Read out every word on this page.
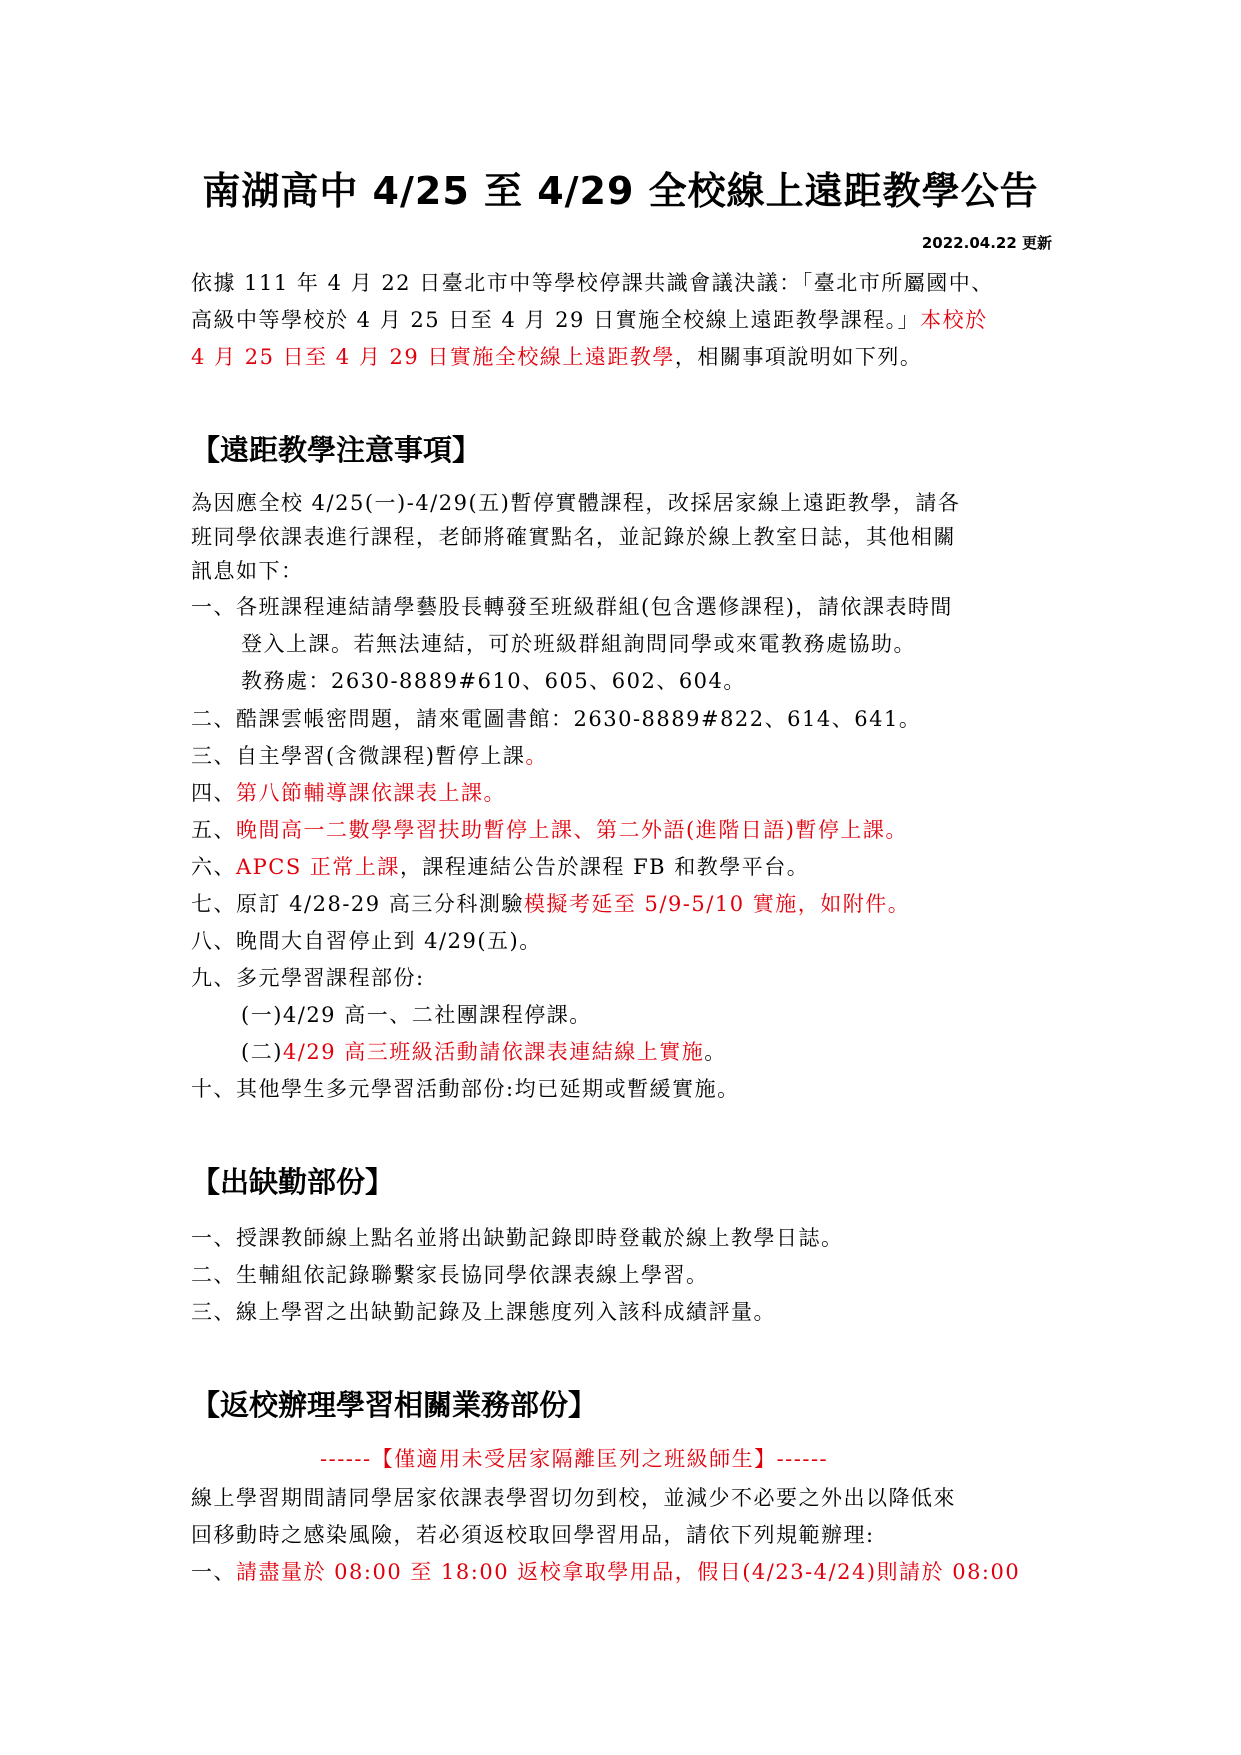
南湖高中 4/25 至 4/29 全校線上遠距教學公告
2022.04.22 更新
依據 111 年 4 月 22 日臺北市中等學校停課共識會議決議：「臺北市所屬國中、
高級中等學校於 4 月 25 日至 4 月 29 日實施全校線上遠距教學課程。」本校於
4 月 25 日至 4 月 29 日實施全校線上遠距教學，相關事項說明如下列。
【遠距教學注意事項】
為因應全校 4/25(一)-4/29(五)暫停實體課程，改採居家線上遠距教學，請各
班同學依課表進行課程，老師將確實點名，並記錄於線上教室日誌，其他相關
訊息如下：
一、各班課程連結請學藝股長轉發至班級群組(包含選修課程)，請依課表時間
登入上課。若無法連結，可於班級群組詢問同學或來電教務處協助。
教務處：2630-8889#610、605、602、604。
二、酷課雲帳密問題，請來電圖書館：2630-8889#822、614、641。
三、自主學習(含微課程)暫停上課。
四、第八節輔導課依課表上課。
五、晚間高一二數學學習扶助暫停上課、第二外語(進階日語)暫停上課。
六、APCS 正常上課，課程連結公告於課程 FB 和教學平台。
七、原訂 4/28-29 高三分科測驗模擬考延至 5/9-5/10 實施，如附件。
八、晚間大自習停止到 4/29(五)。
九、多元學習課程部份:
(一)4/29 高一、二社團課程停課。
(二)4/29 高三班級活動請依課表連結線上實施。
十、其他學生多元學習活動部份:均已延期或暫緩實施。
【出缺勤部份】
一、授課教師線上點名並將出缺勤記錄即時登載於線上教學日誌。
二、生輔組依記錄聯繫家長協同學依課表線上學習。
三、線上學習之出缺勤記錄及上課態度列入該科成績評量。
【返校辦理學習相關業務部份】
------【僅適用未受居家隔離匡列之班級師生】------
線上學習期間請同學居家依課表學習切勿到校，並減少不必要之外出以降低來
回移動時之感染風險，若必須返校取回學習用品，請依下列規範辦理:
一、請盡量於 08:00 至 18:00 返校拿取學用品，假日(4/23-4/24)則請於 08:00
